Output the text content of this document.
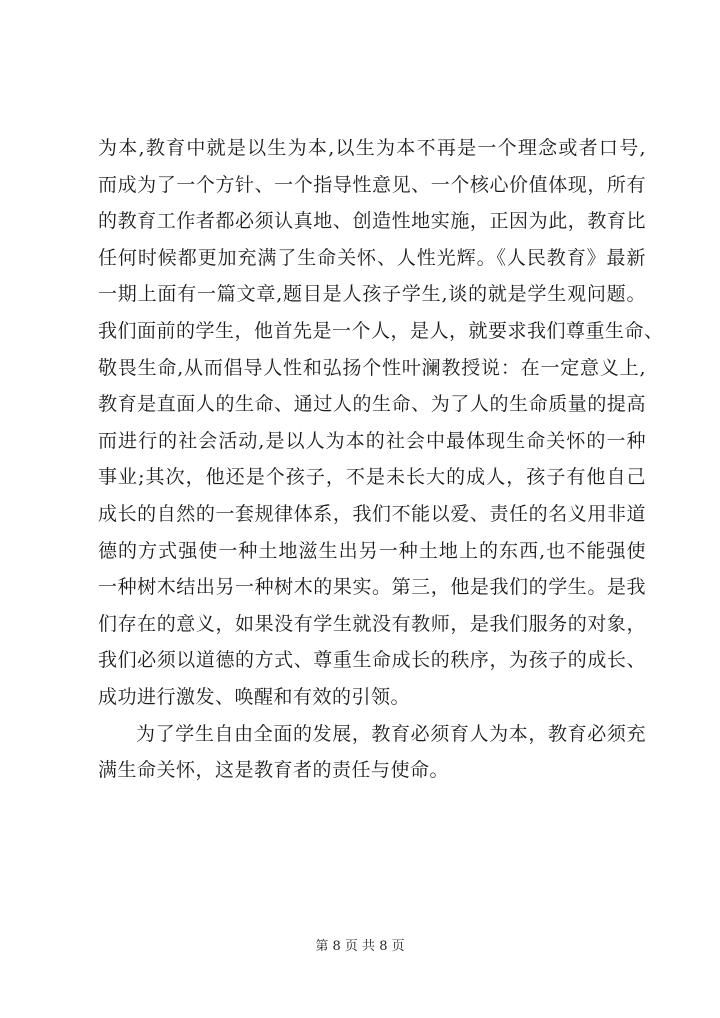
为本,教育中就是以生为本,以生为本不再是一个理念或者口号,
而成为了一个方针、一个指导性意见、一个核心价值体现，所有
的教育工作者都必须认真地、创造性地实施，正因为此，教育比
任何时候都更加充满了生命关怀、人性光辉。《人民教育》最新
一期上面有一篇文章,题目是人孩子学生,谈的就是学生观问题。
我们面前的学生，他首先是一个人，是人，就要求我们尊重生命、
敬畏生命,从而倡导人性和弘扬个性叶澜教授说：在一定意义上,
教育是直面人的生命、通过人的生命、为了人的生命质量的提高
而进行的社会活动,是以人为本的社会中最体现生命关怀的一种
事业;其次，他还是个孩子，不是未长大的成人，孩子有他自己
成长的自然的一套规律体系，我们不能以爱、责任的名义用非道
德的方式强使一种土地滋生出另一种土地上的东西,也不能强使
一种树木结出另一种树木的果实。第三，他是我们的学生。是我
们存在的意义，如果没有学生就没有教师，是我们服务的对象，
我们必须以道德的方式、尊重生命成长的秩序，为孩子的成长、
成功进行激发、唤醒和有效的引领。
为了学生自由全面的发展，教育必须育人为本，教育必须充
满生命关怀，这是教育者的责任与使命。
第 8 页 共 8 页
